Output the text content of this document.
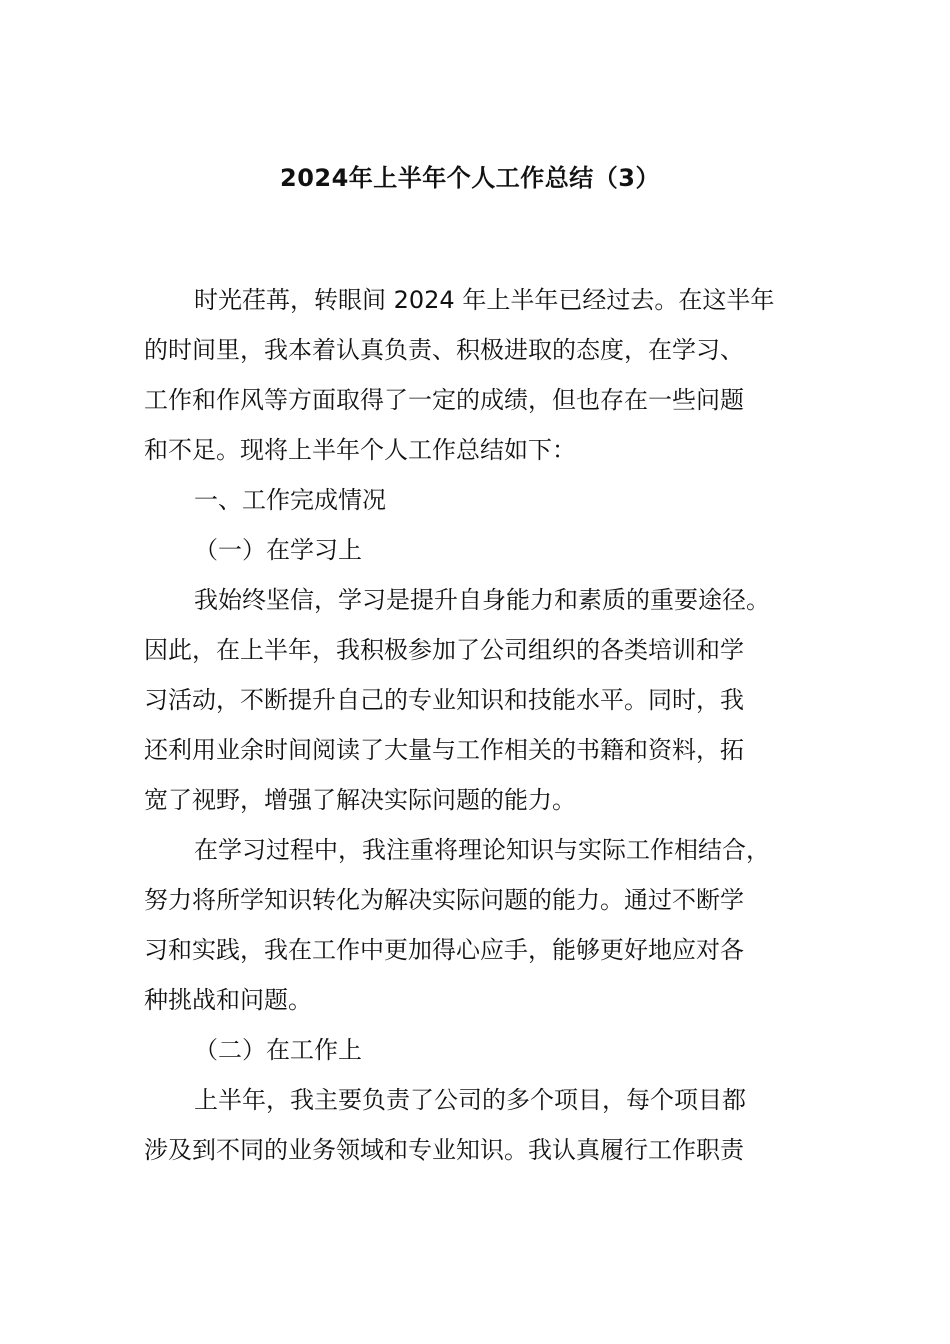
2024年上半年个人工作总结（3）

时光荏苒，转眼间 2024 年上半年已经过去。在这半年

的时间里，我本着认真负责、积极进取的态度，在学习、

工作和作风等方面取得了一定的成绩，但也存在一些问题

和不足。现将上半年个人工作总结如下：

一、工作完成情况

（一）在学习上

我始终坚信，学习是提升自身能力和素质的重要途径。

因此，在上半年，我积极参加了公司组织的各类培训和学

习活动，不断提升自己的专业知识和技能水平。同时，我

还利用业余时间阅读了大量与工作相关的书籍和资料，拓

宽了视野，增强了解决实际问题的能力。

在学习过程中，我注重将理论知识与实际工作相结合，

努力将所学知识转化为解决实际问题的能力。通过不断学

习和实践，我在工作中更加得心应手，能够更好地应对各

种挑战和问题。

（二）在工作上

上半年，我主要负责了公司的多个项目，每个项目都

涉及到不同的业务领域和专业知识。我认真履行工作职责
